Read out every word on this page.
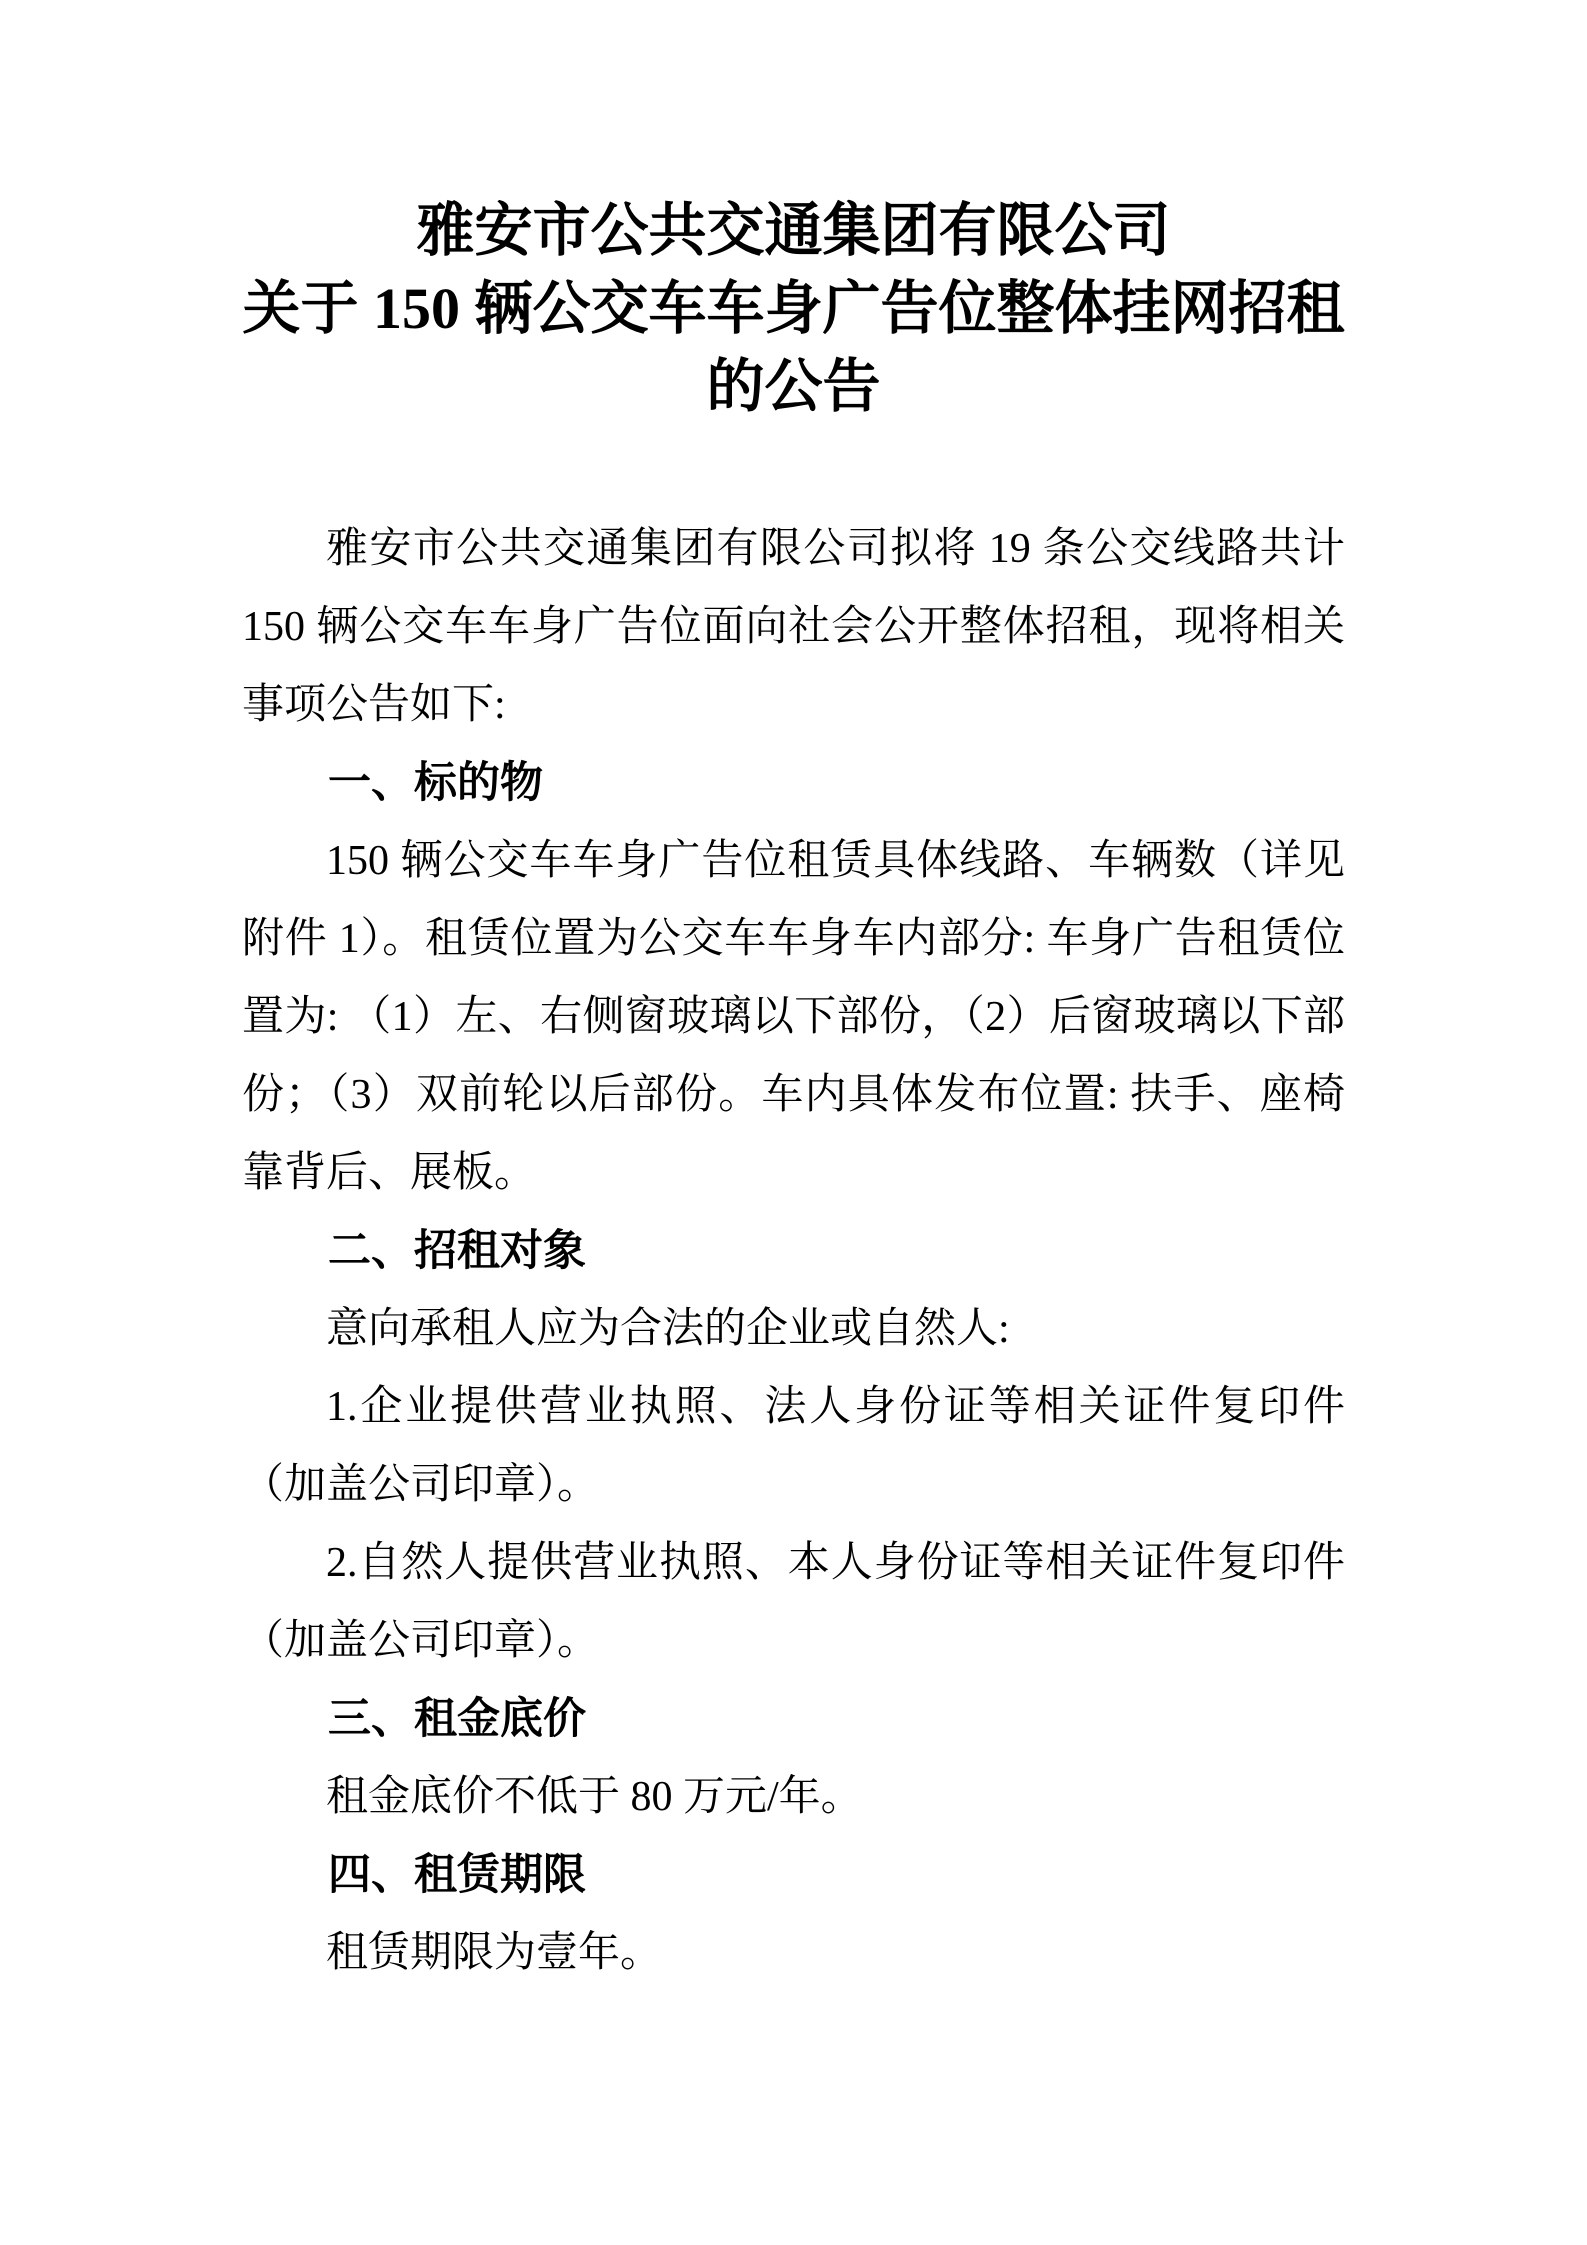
雅安市公共交通集团有限公司
关于 150 辆公交车车身广告位整体挂网招租
的公告

雅安市公共交通集团有限公司拟将 19 条公交线路共计 150 辆公交车车身广告位面向社会公开整体招租，现将相关事项公告如下:

一、标的物

150 辆公交车车身广告位租赁具体线路、车辆数（详见附件 1）。租赁位置为公交车车身车内部分: 车身广告租赁位置为: （1）左、右侧窗玻璃以下部份，（2）后窗玻璃以下部份；（3）双前轮以后部份。车内具体发布位置: 扶手、座椅靠背后、展板。

二、招租对象

意向承租人应为合法的企业或自然人:

1.企业提供营业执照、法人身份证等相关证件复印件（加盖公司印章）。

2.自然人提供营业执照、本人身份证等相关证件复印件（加盖公司印章）。

三、租金底价

租金底价不低于 80 万元/年。

四、租赁期限

租赁期限为壹年。
